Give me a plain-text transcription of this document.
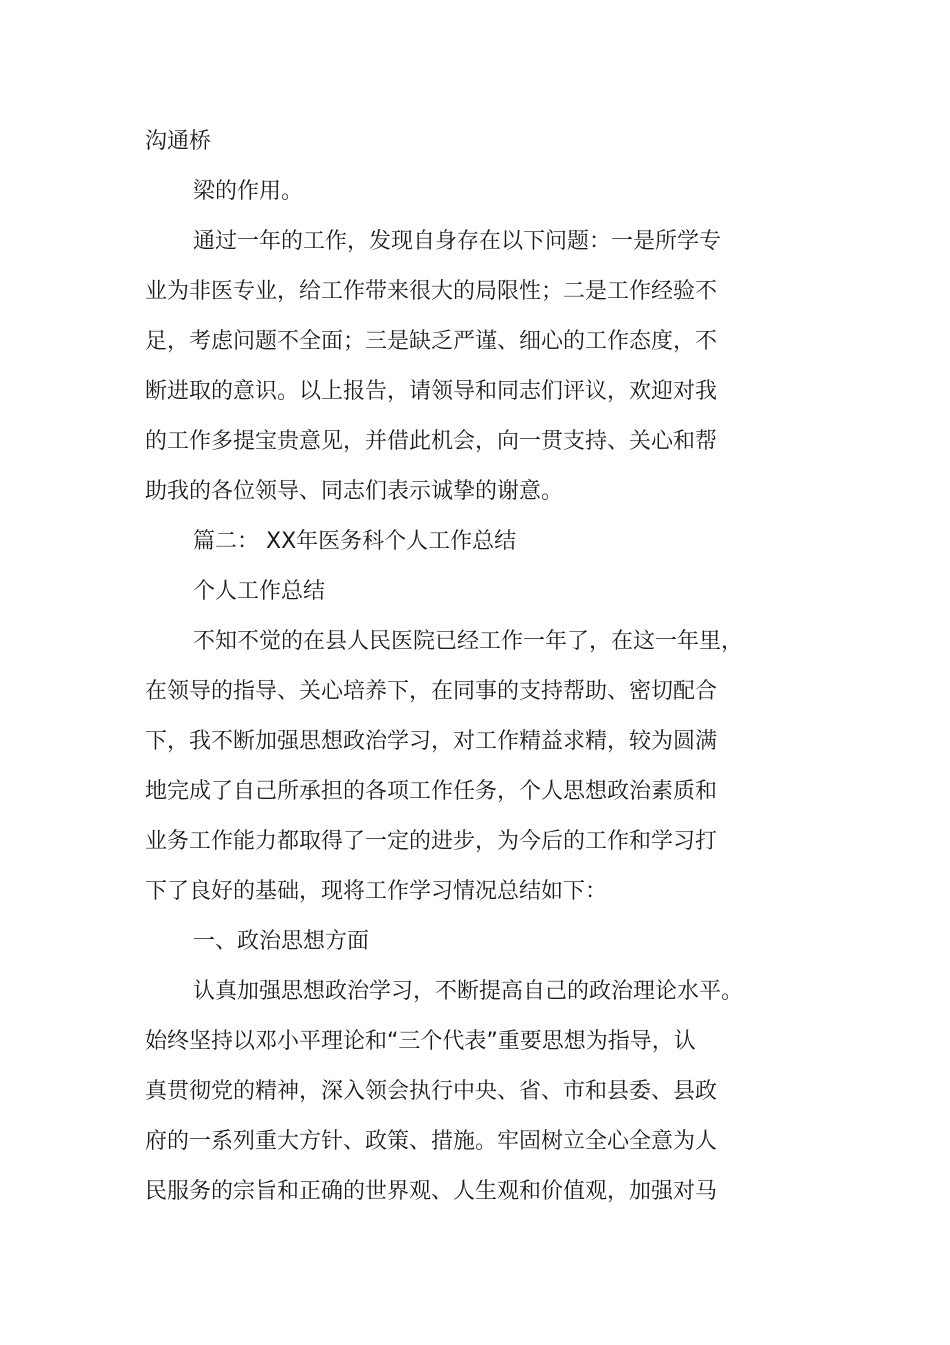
沟通桥
梁的作用。
通过一年的工作，发现自身存在以下问题：一是所学专
业为非医专业，给工作带来很大的局限性；二是工作经验不
足，考虑问题不全面；三是缺乏严谨、细心的工作态度，不
断进取的意识。以上报告，请领导和同志们评议，欢迎对我
的工作多提宝贵意见，并借此机会，向一贯支持、关心和帮
助我的各位领导、同志们表示诚挚的谢意。
篇二： XX年医务科个人工作总结
个人工作总结
不知不觉的在县人民医院已经工作一年了，在这一年里，
在领导的指导、关心培养下，在同事的支持帮助、密切配合
下，我不断加强思想政治学习，对工作精益求精，较为圆满
地完成了自己所承担的各项工作任务，个人思想政治素质和
业务工作能力都取得了一定的进步，为今后的工作和学习打
下了良好的基础，现将工作学习情况总结如下：
一、政治思想方面
认真加强思想政治学习，不断提高自己的政治理论水平。
始终坚持以邓小平理论和“三个代表”重要思想为指导，认
真贯彻党的精神，深入领会执行中央、省、市和县委、县政
府的一系列重大方针、政策、措施。牢固树立全心全意为人
民服务的宗旨和正确的世界观、人生观和价值观，加强对马
